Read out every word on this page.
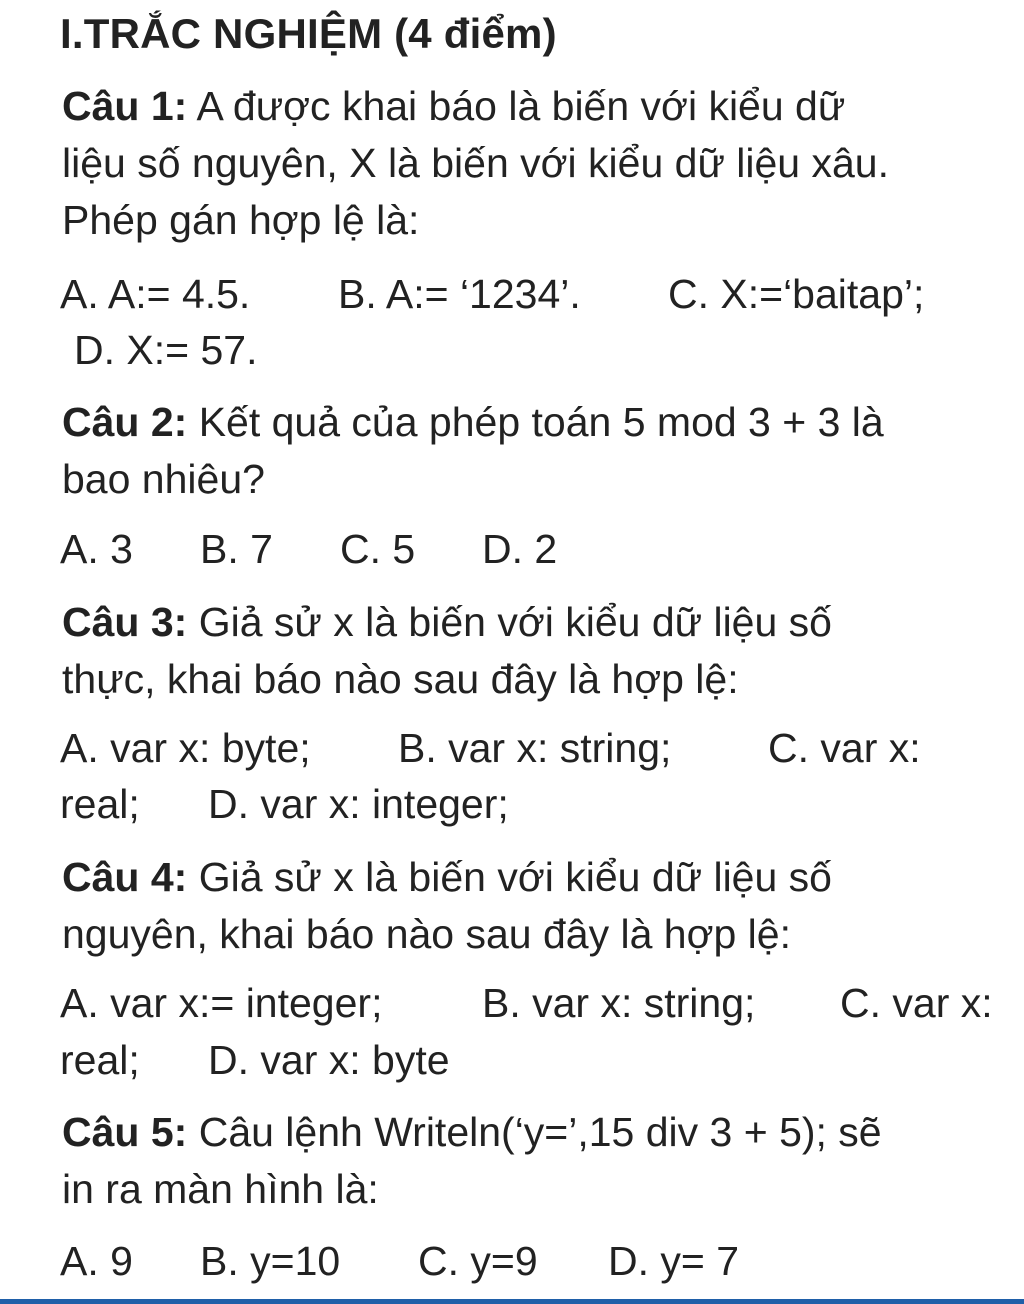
I.TRẮC NGHIỆM (4 điểm)
Câu 1: A được khai báo là biến với kiểu dữ
liệu số nguyên, X là biến với kiểu dữ liệu xâu.
Phép gán hợp lệ là:
A. A:= 4.5. B. A:= ‘1234’. C. X:=‘baitap’;
D. X:= 57.
Câu 2: Kết quả của phép toán 5 mod 3 + 3 là
bao nhiêu?
A. 3 B. 7 C. 5 D. 2
Câu 3: Giả sử x là biến với kiểu dữ liệu số
thực, khai báo nào sau đây là hợp lệ:
A. var x: byte; B. var x: string; C. var x:
real; D. var x: integer;
Câu 4: Giả sử x là biến với kiểu dữ liệu số
nguyên, khai báo nào sau đây là hợp lệ:
A. var x:= integer; B. var x: string; C. var x:
real; D. var x: byte
Câu 5: Câu lệnh Writeln(‘y=’,15 div 3 + 5); sẽ
in ra màn hình là:
A. 9 B. y=10 C. y=9 D. y= 7
